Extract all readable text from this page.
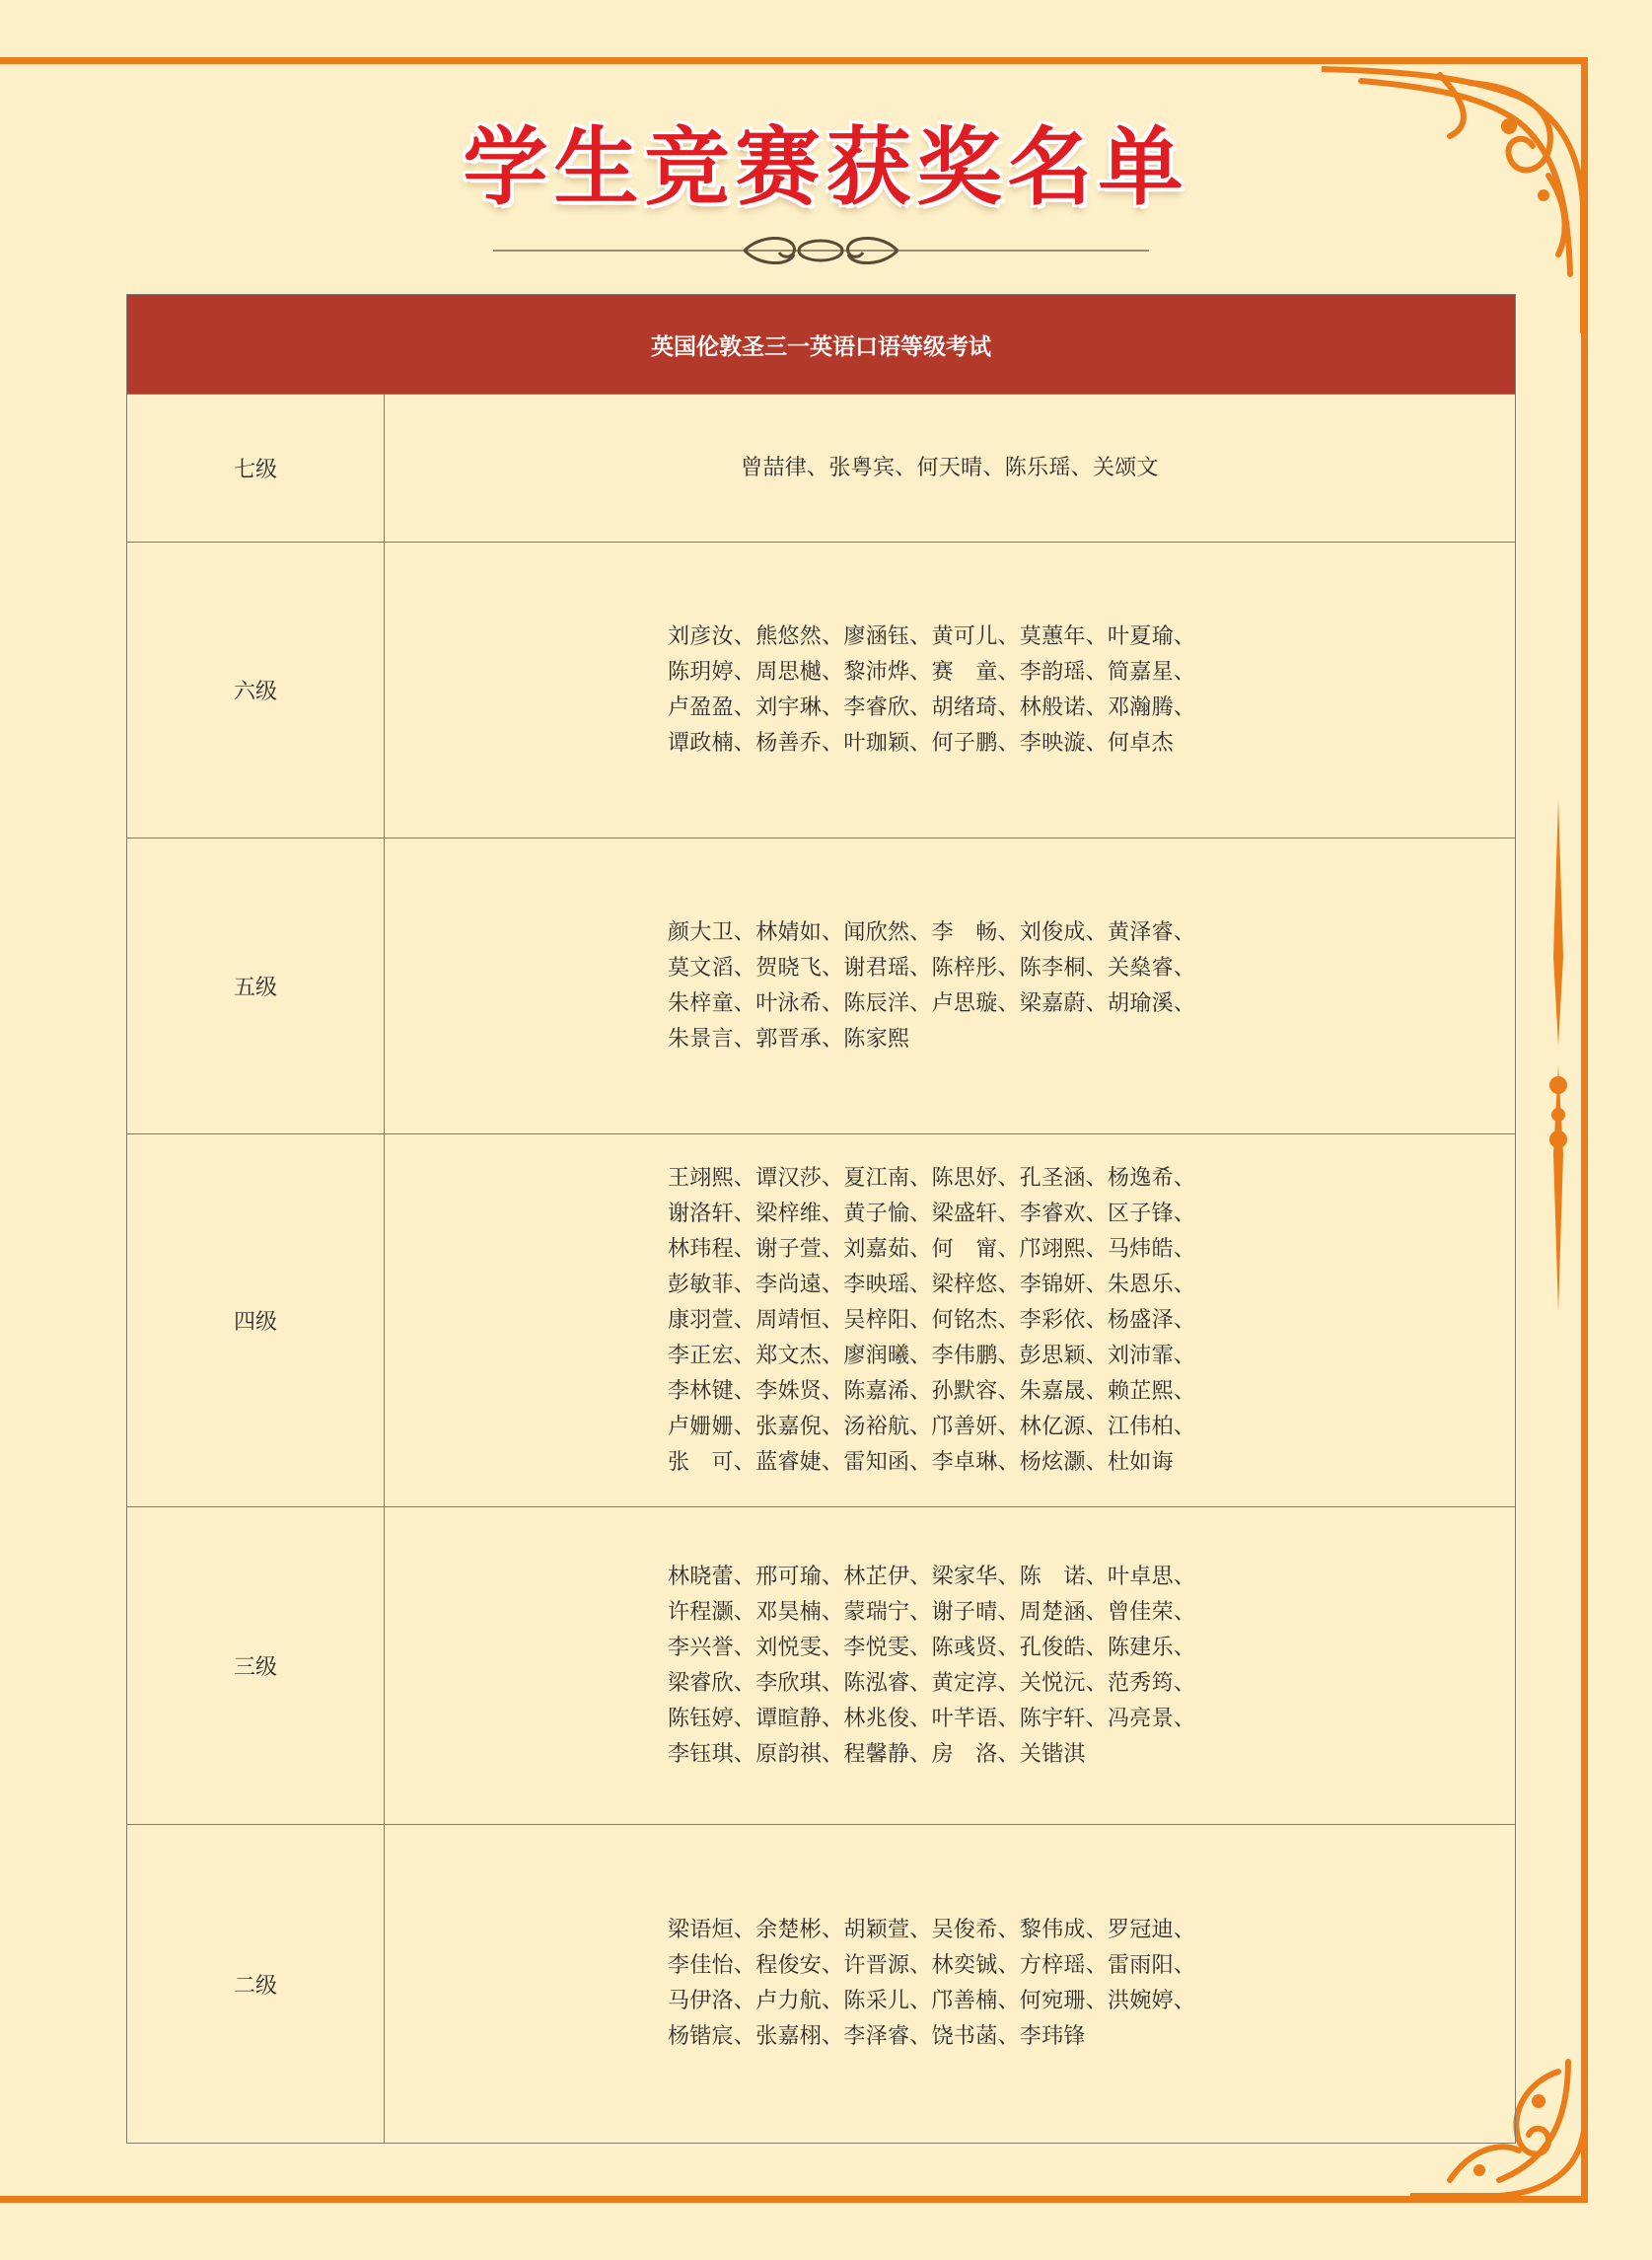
学生竞赛获奖名单
英国伦敦圣三一英语口语等级考试
七级	曾喆律、张粤宾、何天晴、陈乐瑶、关颂文
六级
刘彦汝、熊悠然、廖涵钰、黄可儿、莫蕙年、叶夏瑜、
陈玥婷、周思樾、黎沛烨、赛　童、李韵瑶、简嘉星、
卢盈盈、刘宇琳、李睿欣、胡绪琦、林般诺、邓瀚腾、
谭政楠、杨善乔、叶珈颖、何子鹏、李映漩、何卓杰
五级
颜大卫、林婧如、闻欣然、李　畅、刘俊成、黄泽睿、
莫文滔、贺晓飞、谢君瑶、陈梓彤、陈李桐、关燊睿、
朱梓童、叶泳希、陈辰洋、卢思璇、梁嘉蔚、胡瑜溪、
朱景言、郭晋承、陈家熙
四级
王翊熙、谭汉莎、夏江南、陈思妤、孔圣涵、杨逸希、
谢洛轩、梁梓维、黄子愉、梁盛轩、李睿欢、区子锋、
林玮程、谢子萱、刘嘉茹、何　甯、邝翊熙、马炜皓、
彭敏菲、李尚遠、李映瑶、梁梓悠、李锦妍、朱恩乐、
康羽萱、周靖恒、吴梓阳、何铭杰、李彩依、杨盛泽、
李正宏、郑文杰、廖润曦、李伟鹏、彭思颖、刘沛霏、
李林键、李姝贤、陈嘉浠、孙默容、朱嘉晟、赖芷熙、
卢姗姗、张嘉倪、汤裕航、邝善妍、林亿源、江伟柏、
张　可、蓝睿婕、雷知函、李卓琳、杨炫灏、杜如诲
三级
林晓蕾、邢可瑜、林芷伊、梁家华、陈　诺、叶卓思、
许程灏、邓昊楠、蒙瑞宁、谢子晴、周楚涵、曾佳荣、
李兴誉、刘悦雯、李悦雯、陈彧贤、孔俊皓、陈建乐、
梁睿欣、李欣琪、陈泓睿、黄定淳、关悦沅、范秀筠、
陈钰婷、谭暄静、林兆俊、叶芊语、陈宇轩、冯亮景、
李钰琪、原韵祺、程馨静、房　洛、关锴淇
二级
梁语烜、余楚彬、胡颖萱、吴俊希、黎伟成、罗冠迪、
李佳怡、程俊安、许晋源、林奕铖、方梓瑶、雷雨阳、
马伊洛、卢力航、陈采儿、邝善楠、何宛珊、洪婉婷、
杨锴宸、张嘉栩、李泽睿、饶书菡、李玮锋
